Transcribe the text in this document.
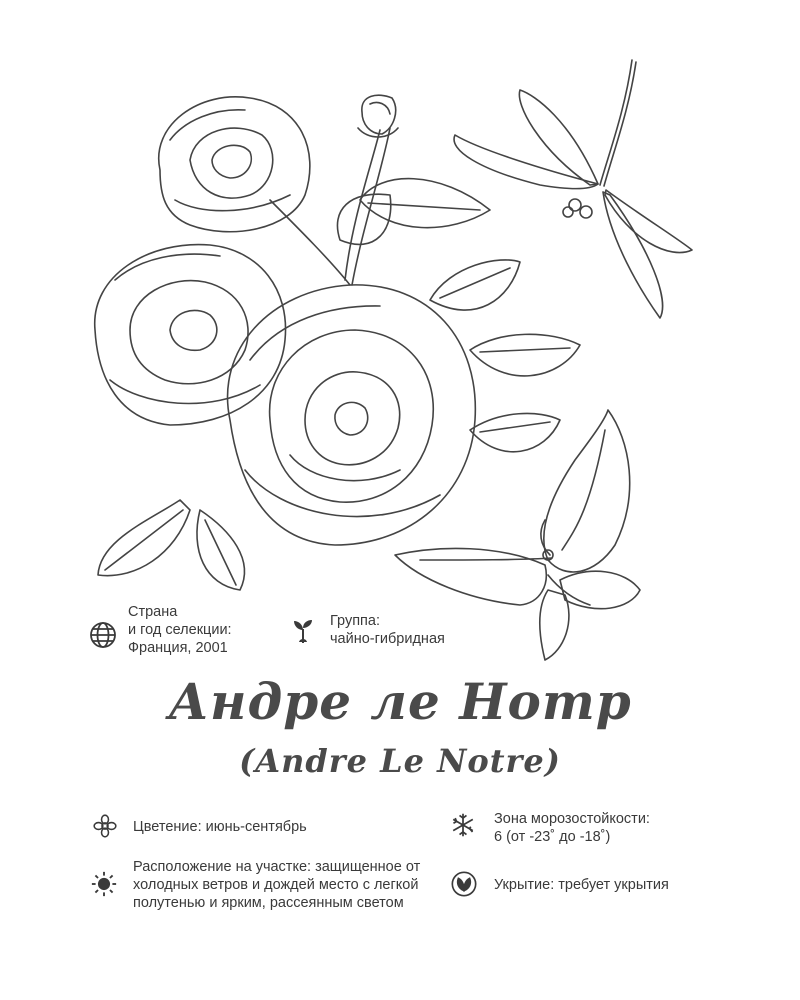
Страна
и год селекции:
Франция, 2001
Группа:
чайно-гибридная
Андре ле Нотр
(Andre Le Notre)
Цветение: июнь-сентябрь	Зона морозостойкости:
6 (от -23˚ до -18˚)
Расположение на участке: защищенное от
холодных ветров и дождей место с легкой
полутенью и ярким, рассеянным светом
Укрытие: требует укрытия
